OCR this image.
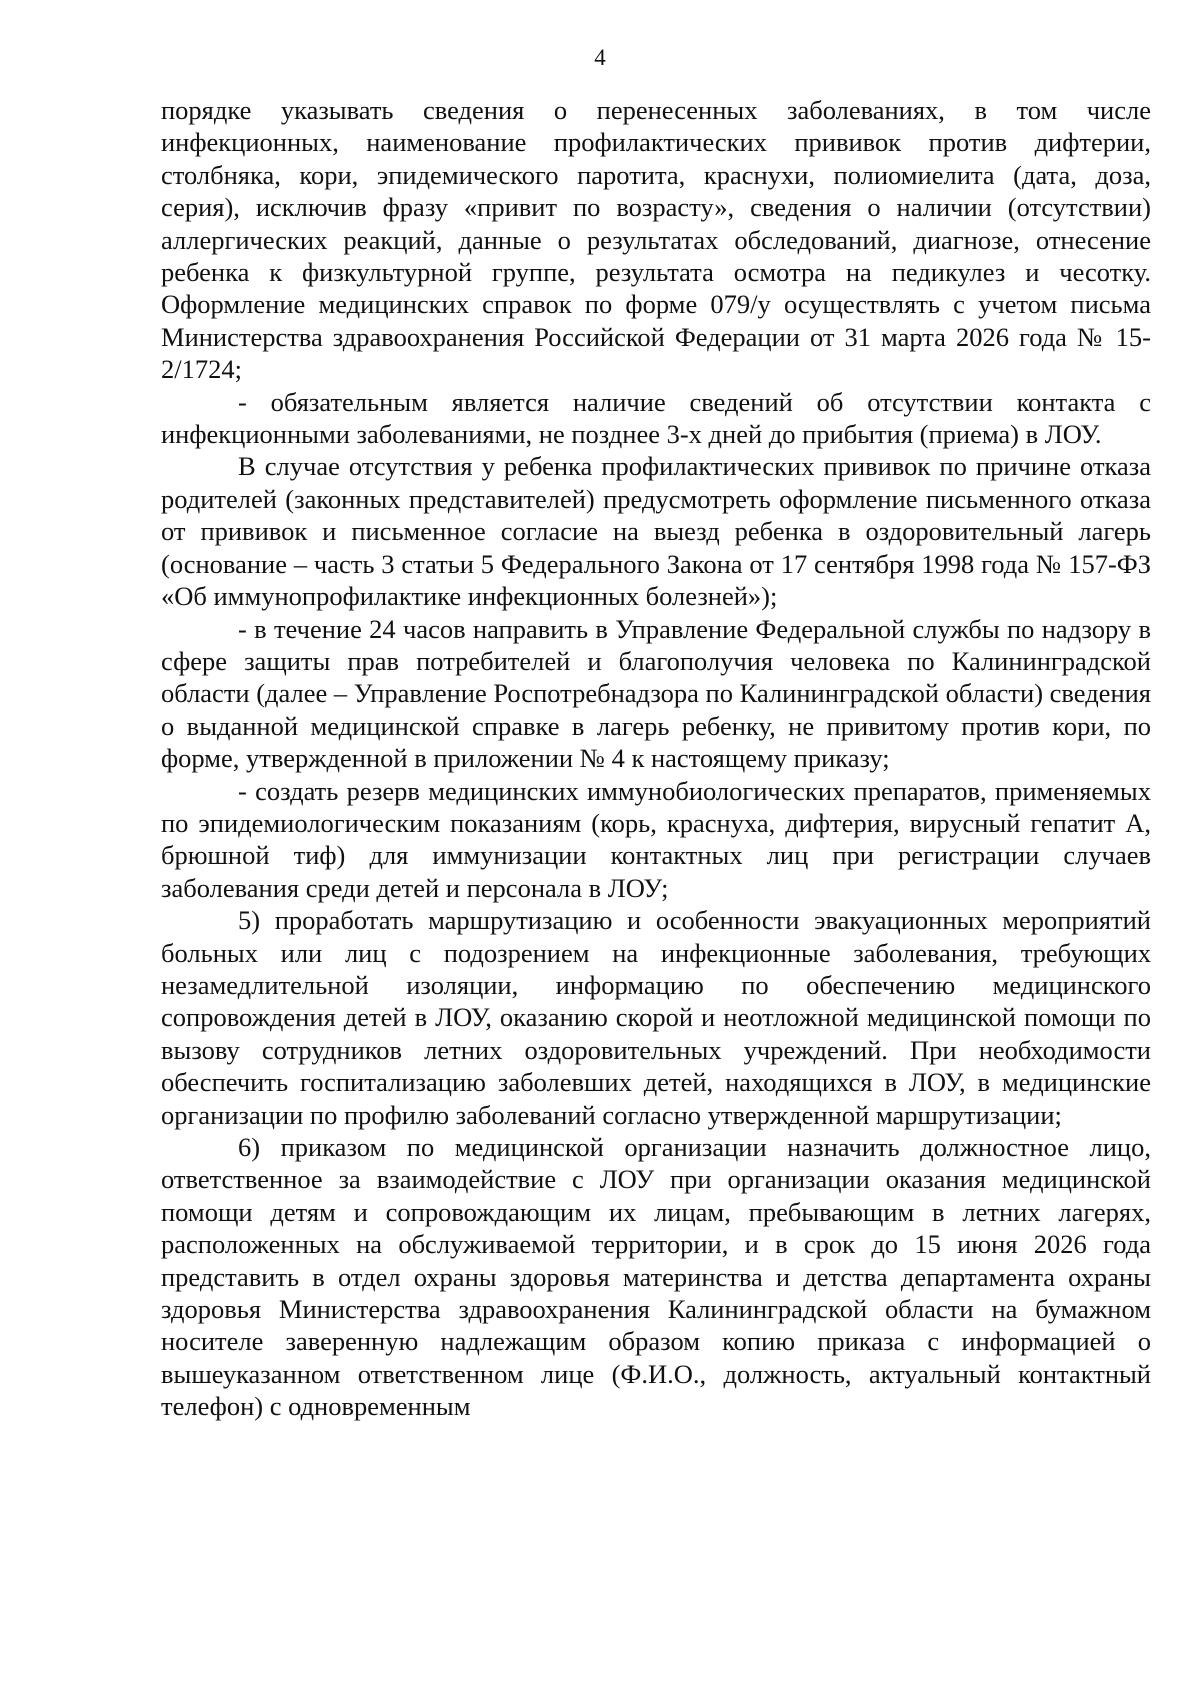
4

порядке указывать сведения о перенесенных заболеваниях, в том числе инфекционных, наименование профилактических прививок против дифтерии, столбняка, кори, эпидемического паротита, краснухи, полиомиелита (дата, доза, серия), исключив фразу «привит по возрасту», сведения о наличии (отсутствии) аллергических реакций, данные о результатах обследований, диагнозе, отнесение ребенка к физкультурной группе, результата осмотра на педикулез и чесотку. Оформление медицинских справок по форме 079/у осуществлять с учетом письма Министерства здравоохранения Российской Федерации от 31 марта 2026 года № 15-2/1724;

- обязательным является наличие сведений об отсутствии контакта с инфекционными заболеваниями, не позднее 3-х дней до прибытия (приема) в ЛОУ.

В случае отсутствия у ребенка профилактических прививок по причине отказа родителей (законных представителей) предусмотреть оформление письменного отказа от прививок и письменное согласие на выезд ребенка в оздоровительный лагерь (основание – часть 3 статьи 5 Федерального Закона от 17 сентября 1998 года № 157-ФЗ «Об иммунопрофилактике инфекционных болезней»);

- в течение 24 часов направить в Управление Федеральной службы по надзору в сфере защиты прав потребителей и благополучия человека по Калининградской области (далее – Управление Роспотребнадзора по Калининградской области) сведения о выданной медицинской справке в лагерь ребенку, не привитому против кори, по форме, утвержденной в приложении № 4 к настоящему приказу;

- создать резерв медицинских иммунобиологических препаратов, применяемых по эпидемиологическим показаниям (корь, краснуха, дифтерия, вирусный гепатит А, брюшной тиф) для иммунизации контактных лиц при регистрации случаев заболевания среди детей и персонала в ЛОУ;

5) проработать маршрутизацию и особенности эвакуационных мероприятий больных или лиц с подозрением на инфекционные заболевания, требующих незамедлительной изоляции, информацию по обеспечению медицинского сопровождения детей в ЛОУ, оказанию скорой и неотложной медицинской помощи по вызову сотрудников летних оздоровительных учреждений. При необходимости обеспечить госпитализацию заболевших детей, находящихся в ЛОУ, в медицинские организации по профилю заболеваний согласно утвержденной маршрутизации;

6) приказом по медицинской организации назначить должностное лицо, ответственное за взаимодействие с ЛОУ при организации оказания медицинской помощи детям и сопровождающим их лицам, пребывающим в летних лагерях, расположенных на обслуживаемой территории, и в срок до 15 июня 2026 года представить в отдел охраны здоровья материнства и детства департамента охраны здоровья Министерства здравоохранения Калининградской области на бумажном носителе заверенную надлежащим образом копию приказа с информацией о вышеуказанном ответственном лице (Ф.И.О., должность, актуальный контактный телефон) с одновременным
